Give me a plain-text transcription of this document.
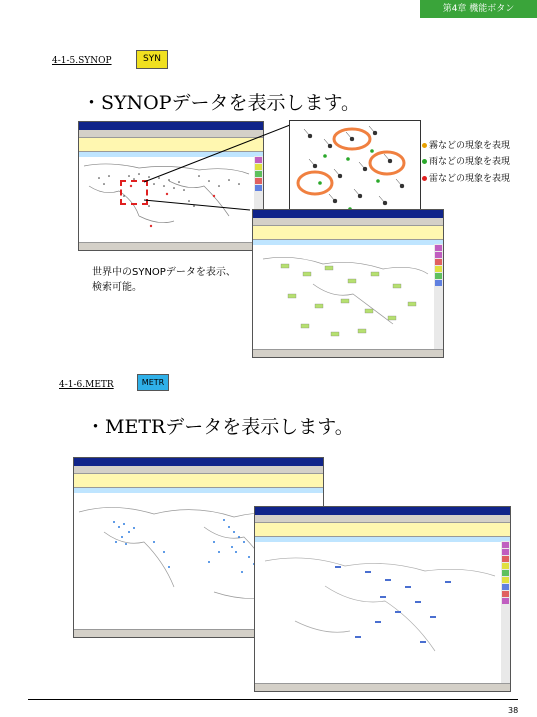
第4章 機能ボタン
4-1-5.SYNOP	SYN
・SYNOPデータを表示します。
霧などの現象を表現
雨などの現象を表現
雷などの現象を表現
世界中のSYNOPデータを表示、検索可能。
4-1-6.METR	METR
・METRデータを表示します。
38
